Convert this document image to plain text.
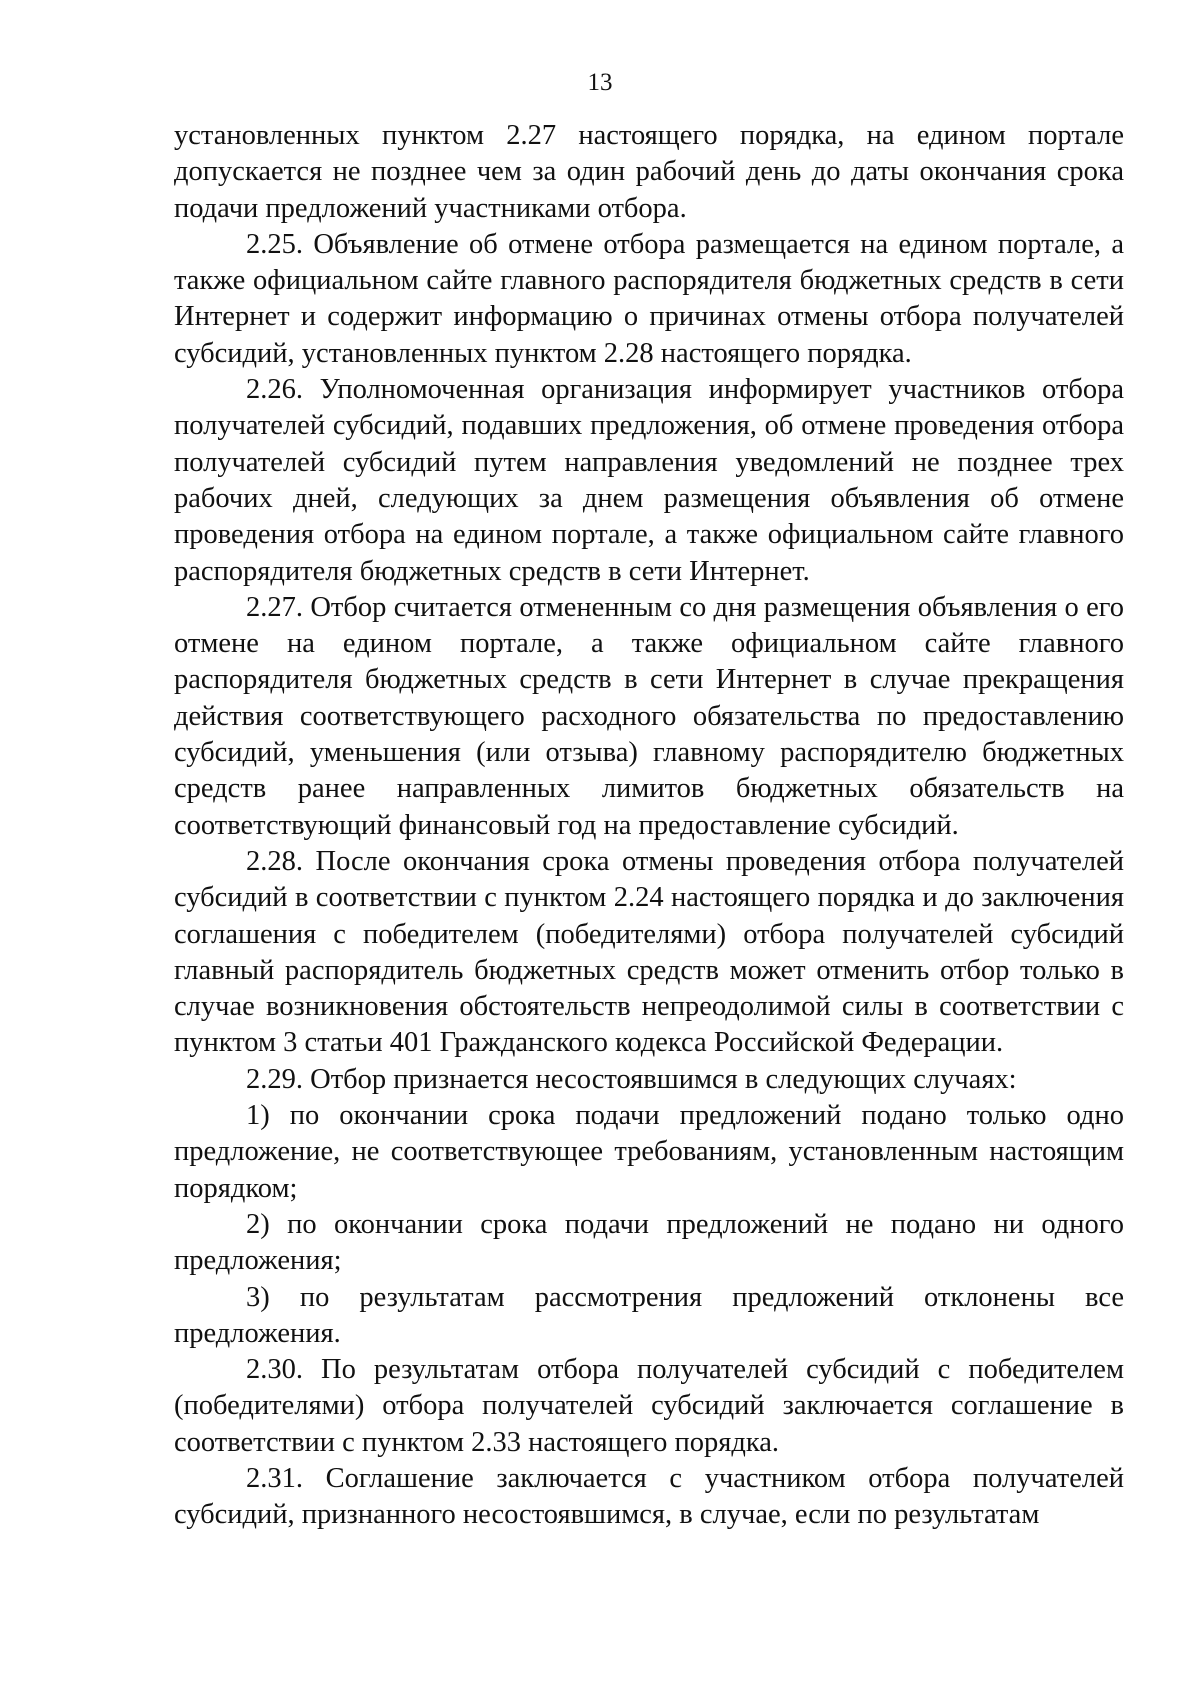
13

установленных пунктом 2.27 настоящего порядка, на едином портале допускается не позднее чем за один рабочий день до даты окончания срока подачи предложений участниками отбора.

2.25. Объявление об отмене отбора размещается на едином портале, а также официальном сайте главного распорядителя бюджетных средств в сети Интернет и содержит информацию о причинах отмены отбора получателей субсидий, установленных пунктом 2.28 настоящего порядка.

2.26. Уполномоченная организация информирует участников отбора получателей субсидий, подавших предложения, об отмене проведения отбора получателей субсидий путем направления уведомлений не позднее трех рабочих дней, следующих за днем размещения объявления об отмене проведения отбора на едином портале, а также официальном сайте главного распорядителя бюджетных средств в сети Интернет.

2.27. Отбор считается отмененным со дня размещения объявления о его отмене на едином портале, а также официальном сайте главного распорядителя бюджетных средств в сети Интернет в случае прекращения действия соответствующего расходного обязательства по предоставлению субсидий, уменьшения (или отзыва) главному распорядителю бюджетных средств ранее направленных лимитов бюджетных обязательств на соответствующий финансовый год на предоставление субсидий.

2.28. После окончания срока отмены проведения отбора получателей субсидий в соответствии с пунктом 2.24 настоящего порядка и до заключения соглашения с победителем (победителями) отбора получателей субсидий главный распорядитель бюджетных средств может отменить отбор только в случае возникновения обстоятельств непреодолимой силы в соответствии с пунктом 3 статьи 401 Гражданского кодекса Российской Федерации.

2.29. Отбор признается несостоявшимся в следующих случаях:

1) по окончании срока подачи предложений подано только одно предложение, не соответствующее требованиям, установленным настоящим порядком;

2) по окончании срока подачи предложений не подано ни одного предложения;

3) по результатам рассмотрения предложений отклонены все предложения.

2.30. По результатам отбора получателей субсидий с победителем (победителями) отбора получателей субсидий заключается соглашение в соответствии с пунктом 2.33 настоящего порядка.

2.31. Соглашение заключается с участником отбора получателей субсидий, признанного несостоявшимся, в случае, если по результатам
